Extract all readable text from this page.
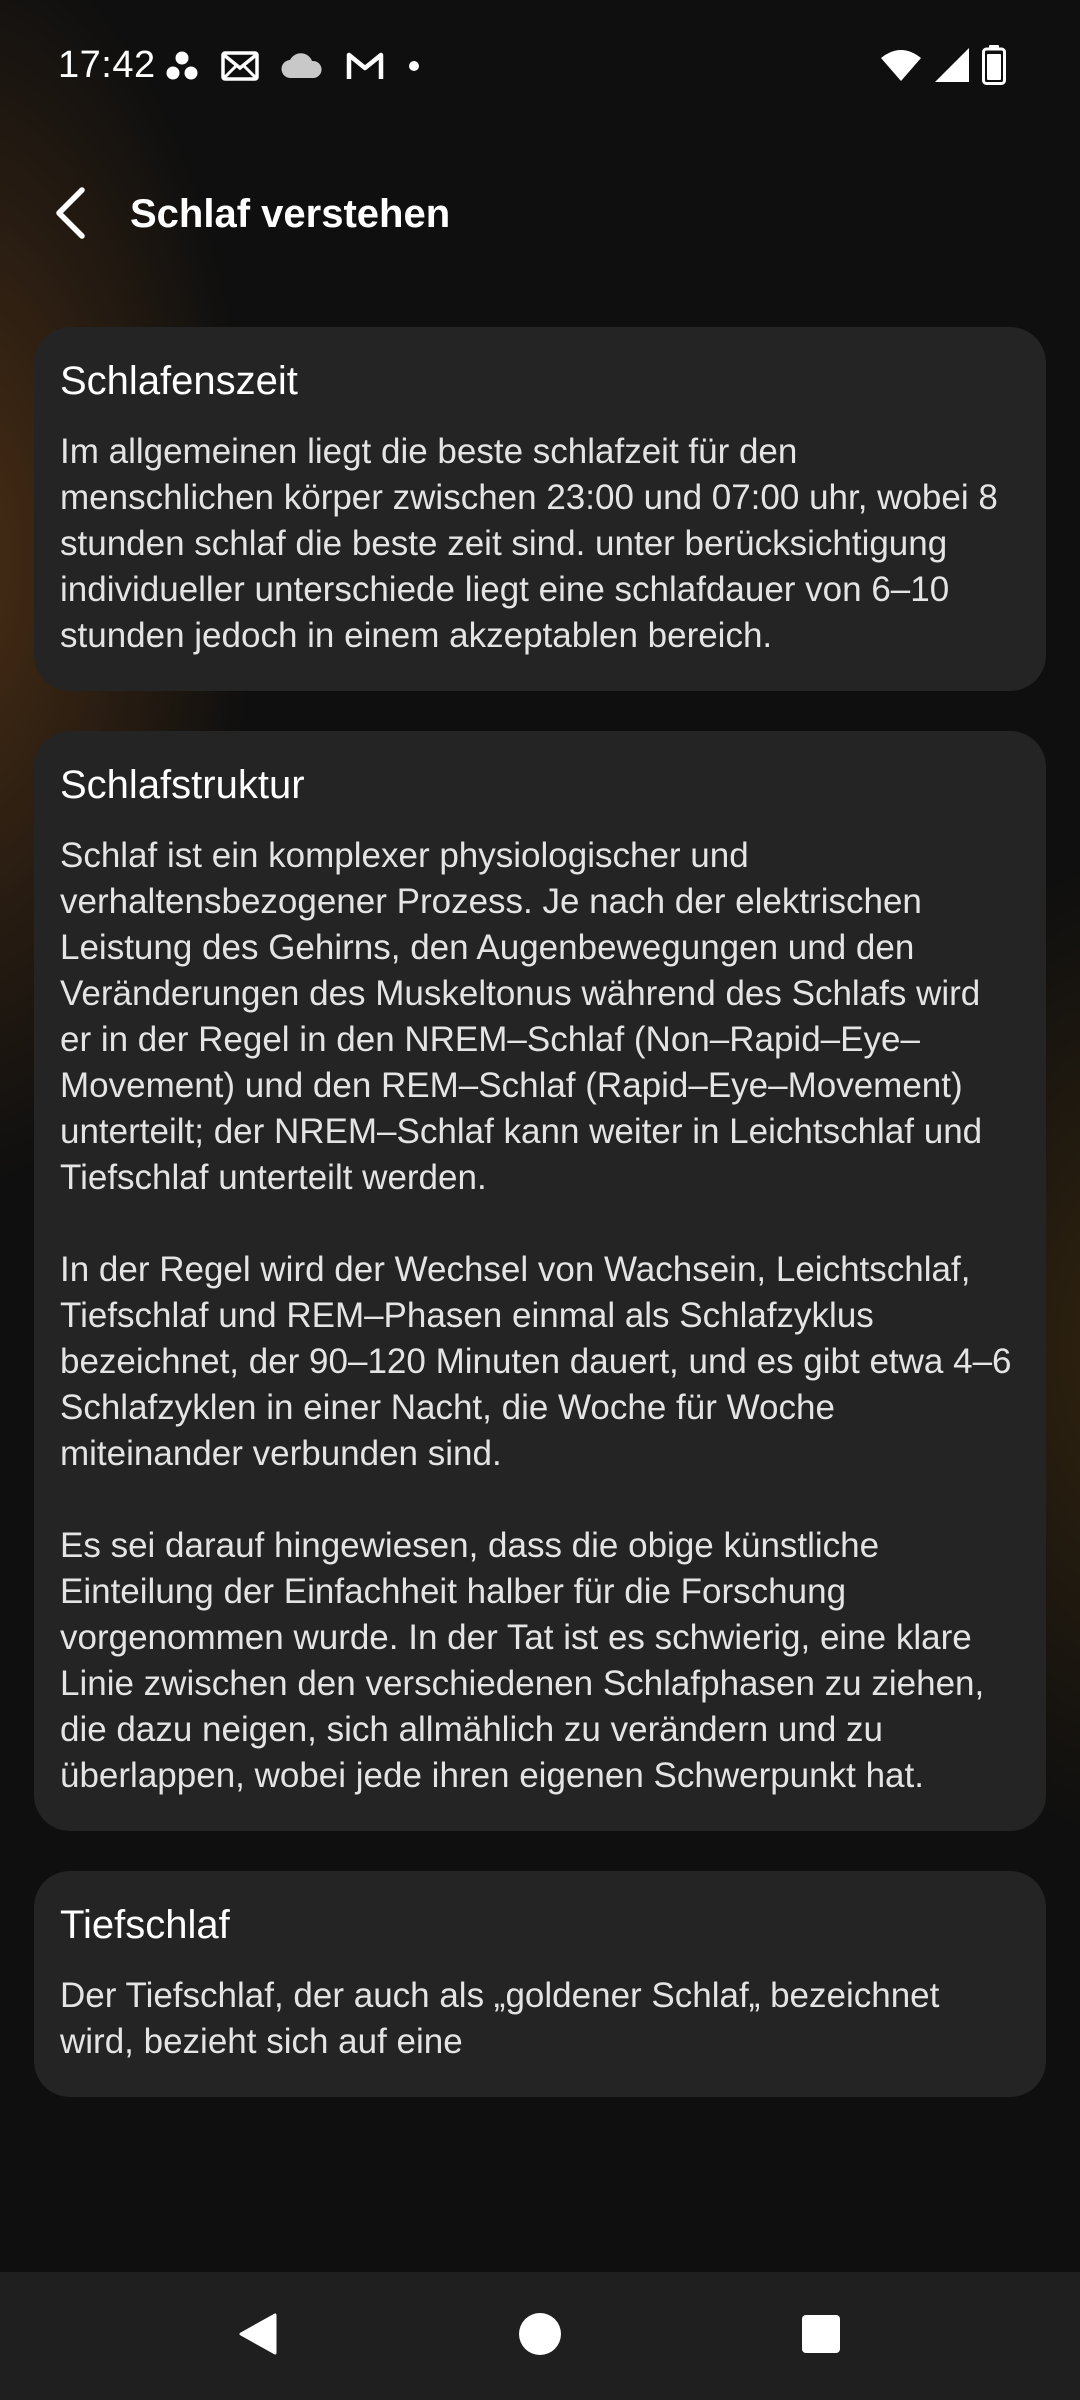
17:42
Schlaf verstehen
Schlafenszeit

Im allgemeinen liegt die beste schlafzeit für den menschlichen körper zwischen 23:00 und 07:00 uhr, wobei 8 stunden schlaf die beste zeit sind. unter berücksichtigung individueller unterschiede liegt eine schlafdauer von 6–10 stunden jedoch in einem akzeptablen bereich.

Schlafstruktur

Schlaf ist ein komplexer physiologischer und verhaltensbezogener Prozess. Je nach der elektrischen Leistung des Gehirns, den Augenbewegungen und den Veränderungen des Muskeltonus während des Schlafs wird er in der Regel in den NREM–Schlaf (Non–Rapid–Eye–Movement) und den REM–Schlaf (Rapid–Eye–Movement) unterteilt; der NREM–Schlaf kann weiter in Leichtschlaf und Tiefschlaf unterteilt werden.

In der Regel wird der Wechsel von Wachsein, Leichtschlaf, Tiefschlaf und REM–Phasen einmal als Schlafzyklus bezeichnet, der 90–120 Minuten dauert, und es gibt etwa 4–6 Schlafzyklen in einer Nacht, die Woche für Woche miteinander verbunden sind.

Es sei darauf hingewiesen, dass die obige künstliche Einteilung der Einfachheit halber für die Forschung vorgenommen wurde. In der Tat ist es schwierig, eine klare Linie zwischen den verschiedenen Schlafphasen zu ziehen, die dazu neigen, sich allmählich zu verändern und zu überlappen, wobei jede ihren eigenen Schwerpunkt hat.

Tiefschlaf

Der Tiefschlaf, der auch als „goldener Schlaf„ bezeichnet wird, bezieht sich auf eine
